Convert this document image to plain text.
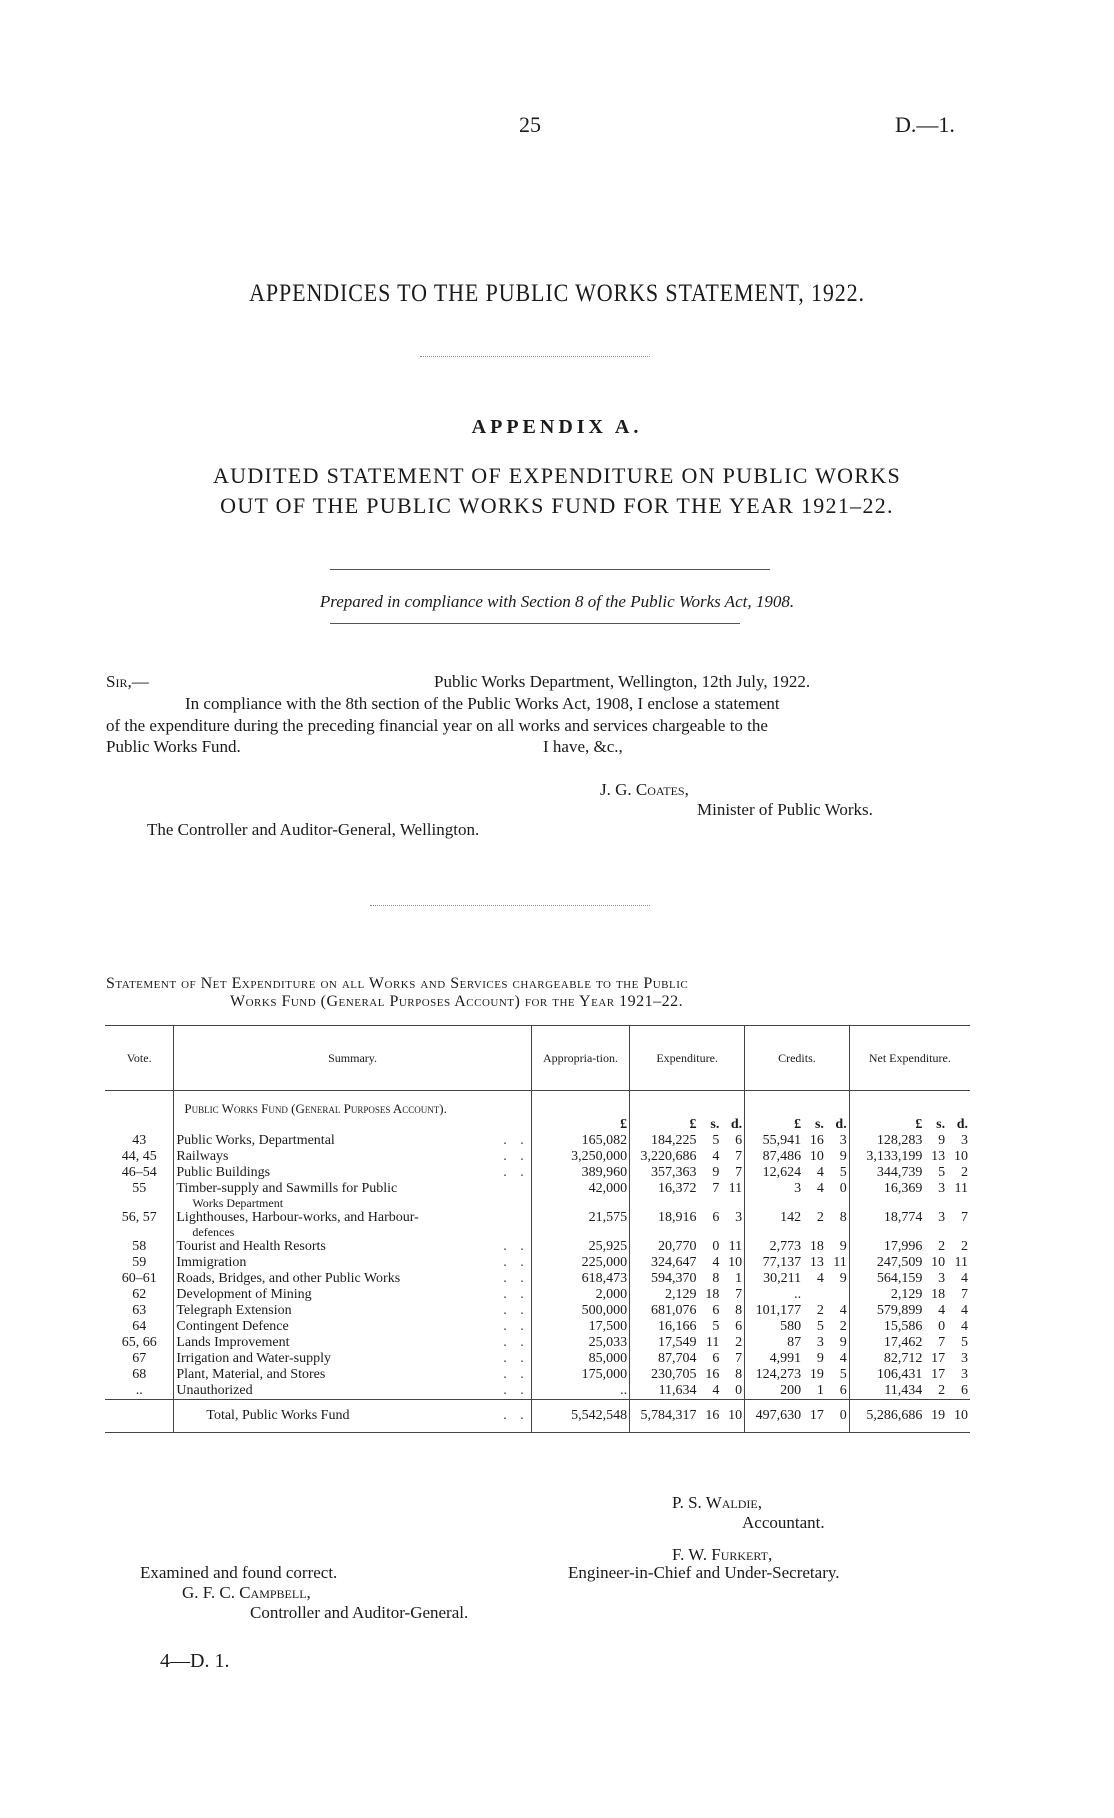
25	D.—1.
APPENDICES TO THE PUBLIC WORKS STATEMENT, 1922.
APPENDIX A.
AUDITED STATEMENT OF EXPENDITURE ON PUBLIC WORKS
OUT OF THE PUBLIC WORKS FUND FOR THE YEAR 1921–22.
Prepared in compliance with Section 8 of the Public Works Act, 1908.
Sir,—	Public Works Department, Wellington, 12th July, 1922.
In compliance with the 8th section of the Public Works Act, 1908, I enclose a statement
of the expenditure during the preceding financial year on all works and services chargeable to the
Public Works Fund.	I have, &c.,
J. G. Coates,
Minister of Public Works.
The Controller and Auditor-General, Wellington.
Statement of Net Expenditure on all Works and Services chargeable to the Public
Works Fund (General Purposes Account) for the Year 1921–22.
Vote.	Summary.	Appropria-tion.	Expenditure.			Credits.			Net Expenditure.		
	Public Works Fund (General Purposes Account).										
		£	£	s.	d.	£	s.	d.	£	s.	d.
43	Public Works, Departmental . .	165,082	184,225	5	6	55,941	16	3	128,283	9	3
44, 45	Railways . .	3,250,000	3,220,686	4	7	87,486	10	9	3,133,199	13	10
46–54	Public Buildings . .	389,960	357,363	9	7	12,624	4	5	344,739	5	2
55	Timber-supply and Sawmills for Public
Works Department	42,000	16,372	7	11	3	4	0	16,369	3	11
56, 57	Lighthouses, Harbour-works, and Harbour-
defences	21,575	18,916	6	3	142	2	8	18,774	3	7
58	Tourist and Health Resorts . .	25,925	20,770	0	11	2,773	18	9	17,996	2	2
59	Immigration . .	225,000	324,647	4	10	77,137	13	11	247,509	10	11
60–61	Roads, Bridges, and other Public Works . .	618,473	594,370	8	1	30,211	4	9	564,159	3	4
62	Development of Mining . .	2,000	2,129	18	7	..			2,129	18	7
63	Telegraph Extension . .	500,000	681,076	6	8	101,177	2	4	579,899	4	4
64	Contingent Defence . .	17,500	16,166	5	6	580	5	2	15,586	0	4
65, 66	Lands Improvement . .	25,033	17,549	11	2	87	3	9	17,462	7	5
67	Irrigation and Water-supply . .	85,000	87,704	6	7	4,991	9	4	82,712	17	3
68	Plant, Material, and Stores . .	175,000	230,705	16	8	124,273	19	5	106,431	17	3
..	Unauthorized . .	..	11,634	4	0	200	1	6	11,434	2	6

	Total, Public Works Fund . .	5,542,548	5,784,317	16	10	497,630	17	0	5,286,686	19	10
P. S. Waldie,
Accountant.
F. W. Furkert,
Engineer-in-Chief and Under-Secretary.
Examined and found correct.
G. F. C. Campbell,
Controller and Auditor-General.
4—D. 1.
